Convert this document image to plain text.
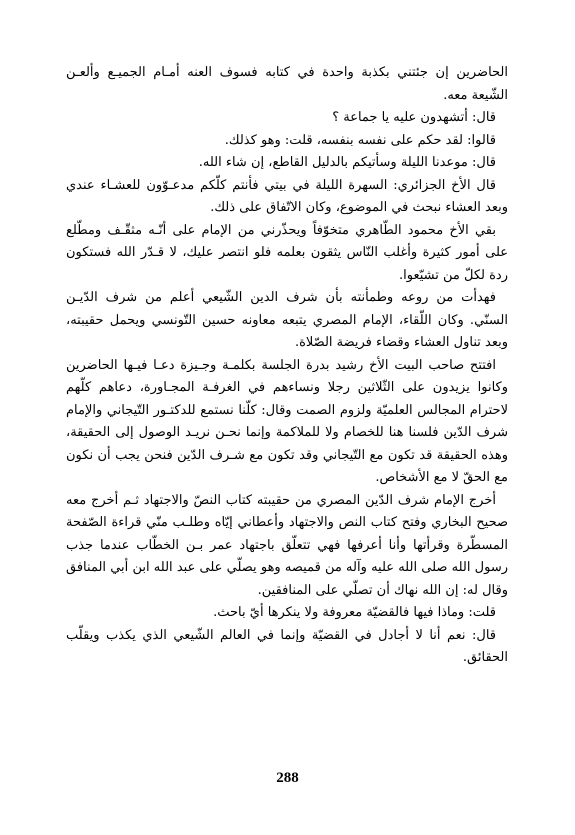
الحاضرين إن جئتني بكذبة واحدة في كتابه فسوف العنه أمـام الجميـع وألعـن الشّيعة معه.

قال: أتشهدون عليه يا جماعة ؟

قالوا: لقد حكم على نفسه بنفسه، قلت: وهو كذلك.

قال: موعدنا الليلة وسأتيكم بالدليل القاطع، إن شاء الله.

قال الأخ الجزائري: السهرة الليلة في بيتي فأنتم كلّكم مدعـوّون للعشـاء عندي وبعد العشاء نبحث في الموضوع، وكان الاتّفاق على ذلك.

بقي الأخ محمود الطّاهري متخوّفاً ويحذّرني من الإمام على أنّـه مثقّـف ومطّلع على أمور كثيرة وأغلب النّاس يثقون بعلمه فلو انتصر عليك، لا قـدّر الله فستكون ردة لكلّ من تشيّعوا.

فهدأت من روعه وطمأنته بأن شرف الدين الشّيعي أعلم من شرف الدّيـن السنّي. وكان اللّقاء، الإمام المصري يتبعه معاونه حسين التّونسي ويحمل حقيبته، وبعد تناول العشاء وقضاء فريضة الصّلاة.

افتتح صاحب البيت الأخ رشيد بدرة الجلسة بكلمـة وجـيزة دعـا فيـها الحاضرين وكانوا يزيدون على الثّلاثين رجلا ونساءهم في الغرفـة المجـاورة، دعاهم كلّهم لاحترام المجالس العلميّة ولزوم الصمت وقال: كلّنا نستمع للدكتـور التّيجاني والإمام شرف الدّين فلسنا هنا للخصام ولا للملاكمة وإنما نحـن نريـد الوصول إلى الحقيقة، وهذه الحقيقة قد تكون مع التّيجاني وقد تكون مع شـرف الدّين فنحن يجب أن نكون مع الحقّ لا مع الأشخاص.

أخرج الإمام شرف الدّين المصري من حقيبته كتاب النصّ والاجتهاد ثـم أخرج معه صحيح البخاري وفتح كتاب النص والاجتهاد وأعطاني إيّاه وطلـب منّي قراءة الصّفحة المسطّرة وقرأتها وأنا أعرفها فهي تتعلّق باجتهاد عمر بـن الخطّاب عندما جذب رسول الله صلى الله عليه وآله من قميصه وهو يصلّي على عبد الله ابن أبي المنافق وقال له: إن الله نهاك أن تصلّي على المنافقين.

قلت: وماذا فيها فالقضيّة معروفة ولا ينكرها أيّ باحث.

قال: نعم أنا لا أجادل في القضيّة وإنما في العالم الشّيعي الذي يكذب ويقلّب الحقائق.

288
